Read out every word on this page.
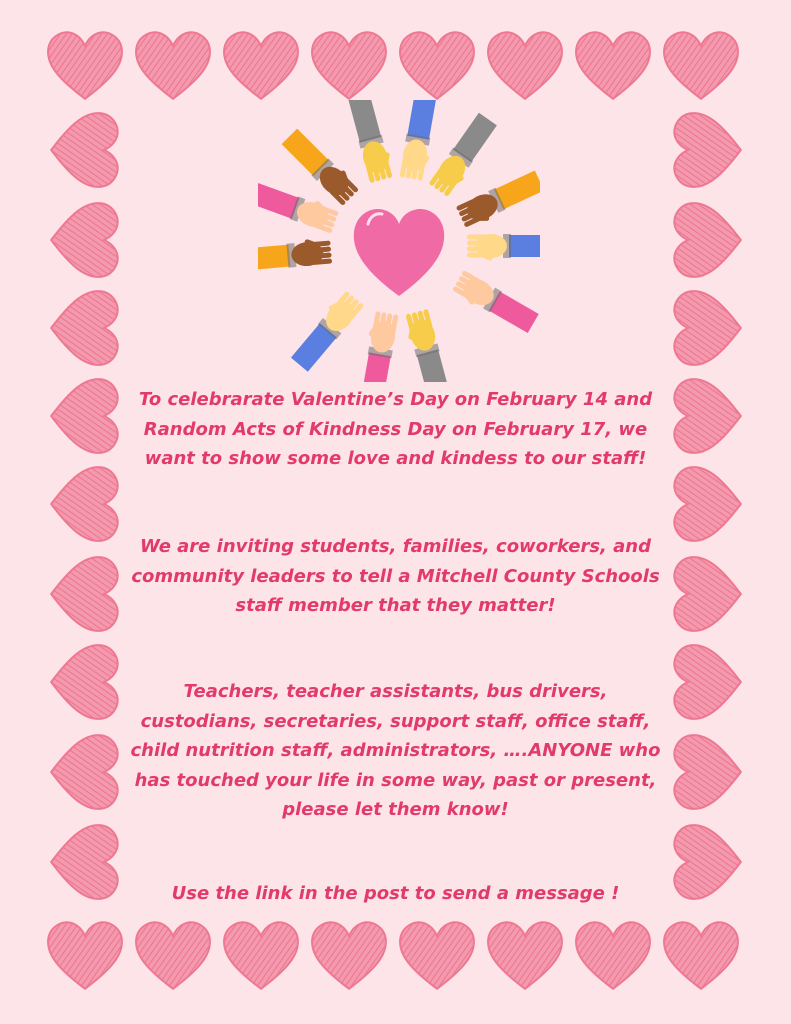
To celebrarate Valentine’s Day on February 14 and Random Acts of Kindness Day on February 17, we want to show some love and kindess to our staff!

We are inviting students, families, coworkers, and community leaders to tell a Mitchell County Schools staff member that they matter!

Teachers, teacher assistants, bus drivers, custodians, secretaries, support staff, office staff, child nutrition staff, administrators, ….ANYONE who has touched your life in some way, past or present, please let them know!

Use the link in the post to send a message !
